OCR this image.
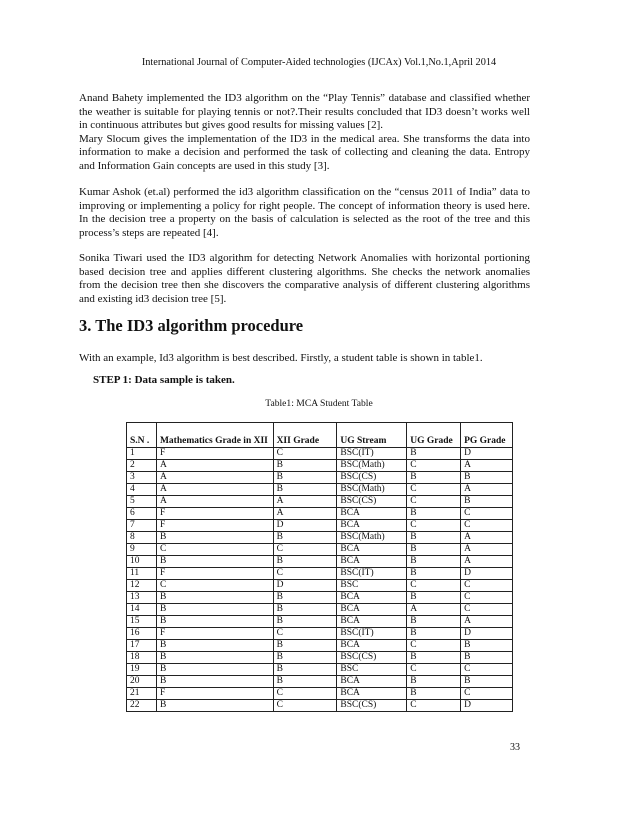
International Journal of Computer-Aided technologies (IJCAx) Vol.1,No.1,April 2014

Anand Bahety implemented the ID3 algorithm on the “Play Tennis” database and classified whether the weather is suitable for playing tennis or not?.Their results concluded that ID3 doesn’t works well in continuous attributes but gives good results for missing values [2].

Mary Slocum gives the implementation of the ID3 in the medical area. She transforms the data into information to make a decision and performed the task of collecting and cleaning the data. Entropy and Information Gain concepts are used in this study [3].

Kumar Ashok (et.al) performed the id3 algorithm classification on the “census 2011 of India” data to improving or implementing a policy for right people. The concept of information theory is used here. In the decision tree a property on the basis of calculation is selected as the root of the tree and this process’s steps are repeated [4].

Sonika Tiwari used the ID3 algorithm for detecting Network Anomalies with horizontal portioning based decision tree and applies different clustering algorithms. She checks the network anomalies from the decision tree then she discovers the comparative analysis of different clustering algorithms and existing id3 decision tree [5].

3. The ID3 algorithm procedure
With an example, Id3 algorithm is best described. Firstly, a student table is shown in table1.
STEP 1: Data sample is taken.
Table1: MCA Student Table
S.N .	Mathematics Grade in XII	XII Grade	UG Stream	UG Grade	PG Grade
1	F	C	BSC(IT)	B	D
2	A	B	BSC(Math)	C	A
3	A	B	BSC(CS)	B	B
4	A	B	BSC(Math)	C	A
5	A	A	BSC(CS)	C	B
6	F	A	BCA	B	C
7	F	D	BCA	C	C
8	B	B	BSC(Math)	B	A
9	C	C	BCA	B	A
10	B	B	BCA	B	A
11	F	C	BSC(IT)	B	D
12	C	D	BSC	C	C
13	B	B	BCA	B	C
14	B	B	BCA	A	C
15	B	B	BCA	B	A
16	F	C	BSC(IT)	B	D
17	B	B	BCA	C	B
18	B	B	BSC(CS)	B	B
19	B	B	BSC	C	C
20	B	B	BCA	B	B
21	F	C	BCA	B	C
22	B	C	BSC(CS)	C	D
33
